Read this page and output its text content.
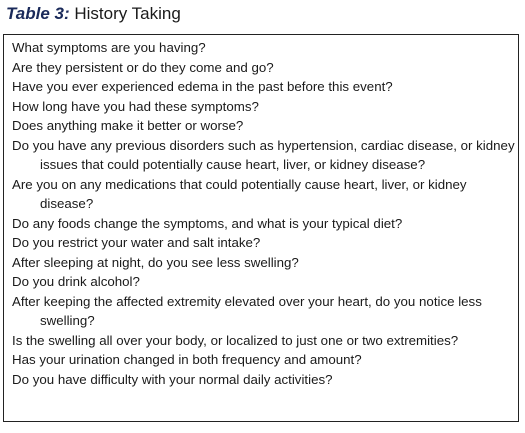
Table 3: History Taking
What symptoms are you having?
Are they persistent or do they come and go?
Have you ever experienced edema in the past before this event?
How long have you had these symptoms?
Does anything make it better or worse?
Do you have any previous disorders such as hypertension, cardiac disease, or kidney issues that could potentially cause heart, liver, or kidney disease?
Are you on any medications that could potentially cause heart, liver, or kidney disease?
Do any foods change the symptoms, and what is your typical diet?
Do you restrict your water and salt intake?
After sleeping at night, do you see less swelling?
Do you drink alcohol?
After keeping the affected extremity elevated over your heart, do you notice less swelling?
Is the swelling all over your body, or localized to just one or two extremities?
Has your urination changed in both frequency and amount?
Do you have difficulty with your normal daily activities?
